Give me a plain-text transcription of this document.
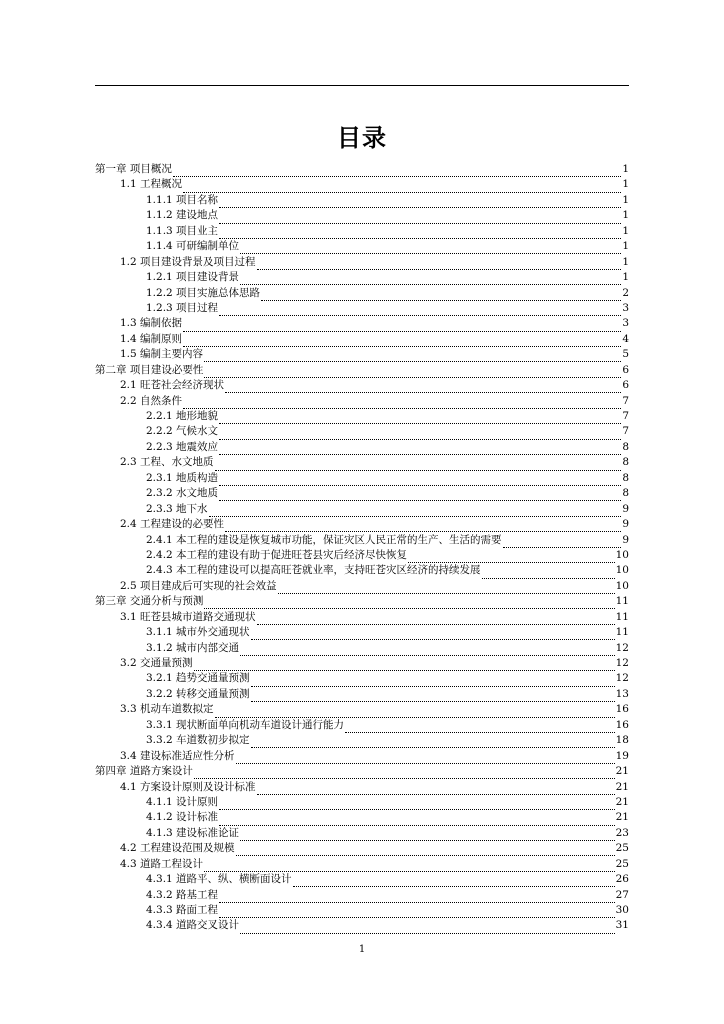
目录
第一章 项目概况	1
1.1 工程概况	1
1.1.1 项目名称	1
1.1.2 建设地点	1
1.1.3 项目业主	1
1.1.4 可研编制单位	1
1.2 项目建设背景及项目过程	1
1.2.1 项目建设背景	1
1.2.2 项目实施总体思路	2
1.2.3 项目过程	3
1.3 编制依据	3
1.4 编制原则	4
1.5 编制主要内容	5
第二章 项目建设必要性	6
2.1 旺苍社会经济现状	6
2.2 自然条件	7
2.2.1 地形地貌	7
2.2.2 气候水文	7
2.2.3 地震效应	8
2.3 工程、水文地质	8
2.3.1 地质构造	8
2.3.2 水文地质	8
2.3.3 地下水	9
2.4 工程建设的必要性	9
2.4.1 本工程的建设是恢复城市功能，保证灾区人民正常的生产、生活的需要	9
2.4.2 本工程的建设有助于促进旺苍县灾后经济尽快恢复	10
2.4.3 本工程的建设可以提高旺苍就业率，支持旺苍灾区经济的持续发展	10
2.5 项目建成后可实现的社会效益	10
第三章 交通分析与预测	11
3.1 旺苍县城市道路交通现状	11
3.1.1 城市外交通现状	11
3.1.2 城市内部交通	12
3.2 交通量预测	12
3.2.1 趋势交通量预测	12
3.2.2 转移交通量预测	13
3.3 机动车道数拟定	16
3.3.1 现状断面单向机动车道设计通行能力	16
3.3.2 车道数初步拟定	18
3.4 建设标准适应性分析	19
第四章 道路方案设计	21
4.1 方案设计原则及设计标准	21
4.1.1 设计原则	21
4.1.2 设计标准	21
4.1.3 建设标准论证	23
4.2 工程建设范围及规模	25
4.3 道路工程设计	25
4.3.1 道路平、纵、横断面设计	26
4.3.2 路基工程	27
4.3.3 路面工程	30
4.3.4 道路交叉设计	31
1
